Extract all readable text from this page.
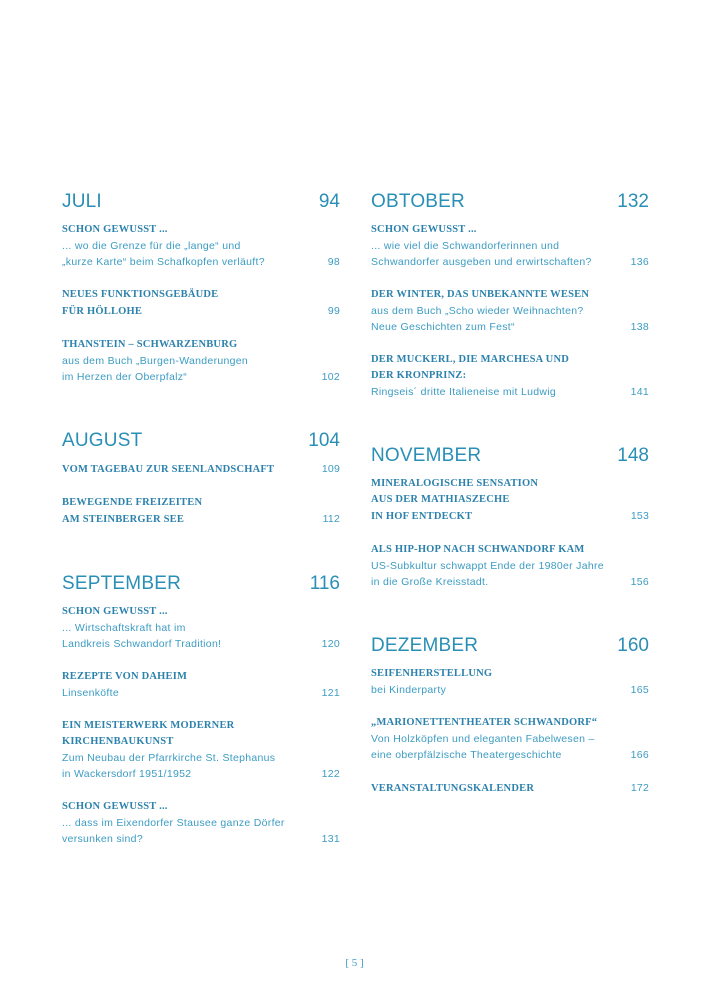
JULI	94
SCHON GEWUSST ...
... wo die Grenze für die „lange“ und
„kurze Karte“ beim Schafkopfen verläuft?	98
NEUES FUNKTIONSGEBÄUDE
FÜR HÖLLOHE	99
THANSTEIN – SCHWARZENBURG
aus dem Buch „Burgen-Wanderungen
im Herzen der Oberpfalz“	102
AUGUST	104
VOM TAGEBAU ZUR SEENLANDSCHAFT	109
BEWEGENDE FREIZEITEN
AM STEINBERGER SEE	112
SEPTEMBER	116
SCHON GEWUSST ...
... Wirtschaftskraft hat im
Landkreis Schwandorf Tradition!	120
REZEPTE VON DAHEIM
Linsenköfte	121
EIN MEISTERWERK MODERNER
KIRCHENBAUKUNST
Zum Neubau der Pfarrkirche St. Stephanus
in Wackersdorf 1951/1952	122
SCHON GEWUSST ...
... dass im Eixendorfer Stausee ganze Dörfer
versunken sind?	131
OBTOBER	132
SCHON GEWUSST ...
... wie viel die Schwandorferinnen und
Schwandorfer ausgeben und erwirtschaften?	136
DER WINTER, DAS UNBEKANNTE WESEN
aus dem Buch „Scho wieder Weihnachten?
Neue Geschichten zum Fest“	138
DER MUCKERL, DIE MARCHESA UND
DER KRONPRINZ:
Ringseis´ dritte Italieneise mit Ludwig	141
NOVEMBER	148
MINERALOGISCHE SENSATION
AUS DER MATHIASZECHE
IN HOF ENTDECKT	153
ALS HIP-HOP NACH SCHWANDORF KAM
US-Subkultur schwappt Ende der 1980er Jahre
in die Große Kreisstadt.	156
DEZEMBER	160
SEIFENHERSTELLUNG
bei Kinderparty	165
„MARIONETTENTHEATER SCHWANDORF“
Von Holzköpfen und eleganten Fabelwesen –
eine oberpfälzische Theatergeschichte	166
VERANSTALTUNGSKALENDER	172
[ 5 ]
